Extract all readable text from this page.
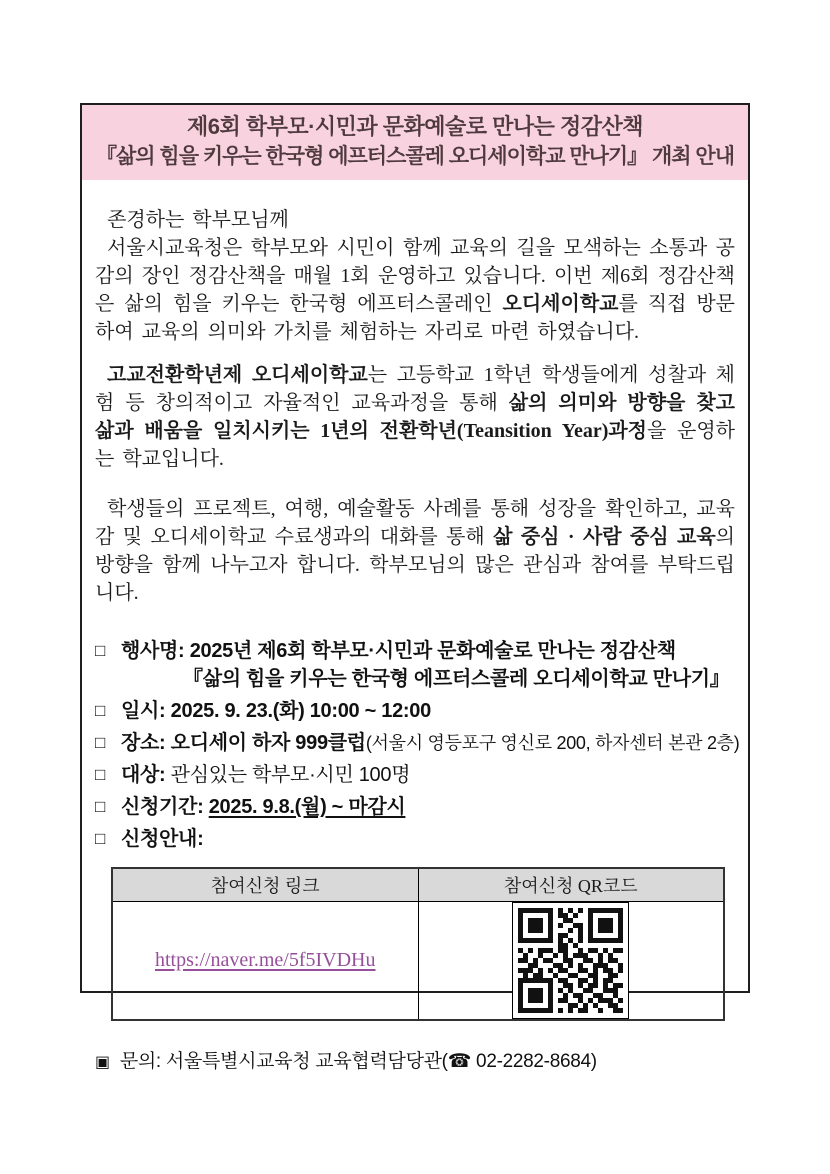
제6회 학부모·시민과 문화예술로 만나는 정감산책
『삶의 힘을 키우는 한국형 에프터스콜레 오디세이학교 만나기』 개최 안내

존경하는 학부모님께

서울시교육청은 학부모와 시민이 함께 교육의 길을 모색하는 소통과 공감의 장인 정감산책을 매월 1회 운영하고 있습니다. 이번 제6회 정감산책은 삶의 힘을 키우는 한국형 에프터스콜레인 오디세이학교를 직접 방문하여 교육의 의미와 가치를 체험하는 자리로 마련 하였습니다.

고교전환학년제 오디세이학교는 고등학교 1학년 학생들에게 성찰과 체험 등 창의적이고 자율적인 교육과정을 통해 삶의 의미와 방향을 찾고 삶과 배움을 일치시키는 1년의 전환학년(Teansition Year)과정을 운영하는 학교입니다.

학생들의 프로젝트, 여행, 예술활동 사례를 통해 성장을 확인하고, 교육감 및 오디세이학교 수료생과의 대화를 통해 삶 중심 · 사람 중심 교육의 방향을 함께 나누고자 합니다. 학부모님의 많은 관심과 참여를 부탁드립니다.

□ 행사명: 2025년 제6회 학부모·시민과 문화예술로 만나는 정감산책
『삶의 힘을 키우는 한국형 에프터스콜레 오디세이학교 만나기』
□ 일시: 2025. 9. 23.(화) 10:00 ~ 12:00
□ 장소: 오디세이 하자 999클럽(서울시 영등포구 영신로 200, 하자센터 본관 2층)
□ 대상: 관심있는 학부모·시민 100명
□ 신청기간: 2025. 9.8.(월) ~ 마감시
□ 신청안내:
참여신청 링크	참여신청 QR코드
https://naver.me/5f5IVDHu	
▣ 문의: 서울특별시교육청 교육협력담당관(☎ 02-2282-8684)
